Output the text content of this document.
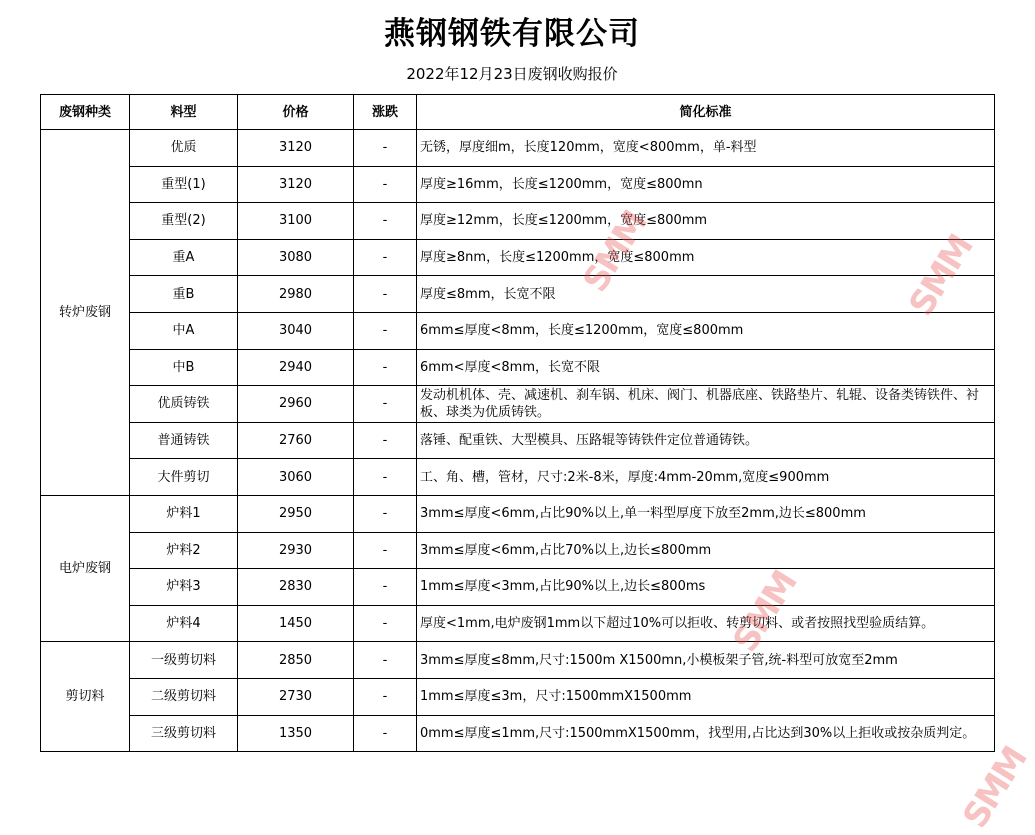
燕钢钢铁有限公司
2022年12月23日废钢收购报价
废钢种类	料型	价格	涨跌	简化标准
转炉废钢	优质	3120	-	无锈，厚度细m，长度120mm，宽度<800mm，单-料型
	重型(1)	3120	-	厚度≥16mm，长度≤1200mm，宽度≤800mn
	重型(2)	3100	-	厚度≥12mm，长度≤1200mm，宽度≤800mm
	重A	3080	-	厚度≥8nm，长度≤1200mm，宽度≤800mm
	重B	2980	-	厚度≤8mm，长宽不限
	中A	3040	-	6mm≤厚度<8mm，长度≤1200mm，宽度≤800mm
	中B	2940	-	6mm<厚度<8mm，长宽不限
	优质铸铁	2960	-	发动机机体、壳、减速机、刹车锅、机床、阀门、机器底座、铁路垫片、轧辊、设备类铸铁件、衬板、球类为优质铸铁。
	普通铸铁	2760	-	落锤、配重铁、大型模具、压路辊等铸铁件定位普通铸铁。
	大件剪切	3060	-	工、角、槽，管材，尺寸:2米-8米，厚度:4mm-20mm,宽度≤900mm
电炉废钢	炉料1	2950	-	3mm≤厚度<6mm,占比90%以上,单一料型厚度下放至2mm,边长≤800mm
	炉料2	2930	-	3mm≤厚度<6mm,占比70%以上,边长≤800mm
	炉料3	2830	-	1mm≤厚度<3mm,占比90%以上,边长≤800ms
	炉料4	1450	-	厚度<1mm,电炉废钢1mm以下超过10%可以拒收、转剪切料、或者按照找型验质结算。
剪切料	一级剪切料	2850	-	3mm≤厚度≤8mm,尺寸:1500m X1500mn,小模板架子管,统-料型可放宽至2mm
	二级剪切料	2730	-	1mm≤厚度≤3m，尺寸:1500mmX1500mm
	三级剪切料	1350	-	0mm≤厚度≤1mm,尺寸:1500mmX1500mm，找型用,占比达到30%以上拒收或按杂质判定。
SMM	SMM
SMM
SMM
